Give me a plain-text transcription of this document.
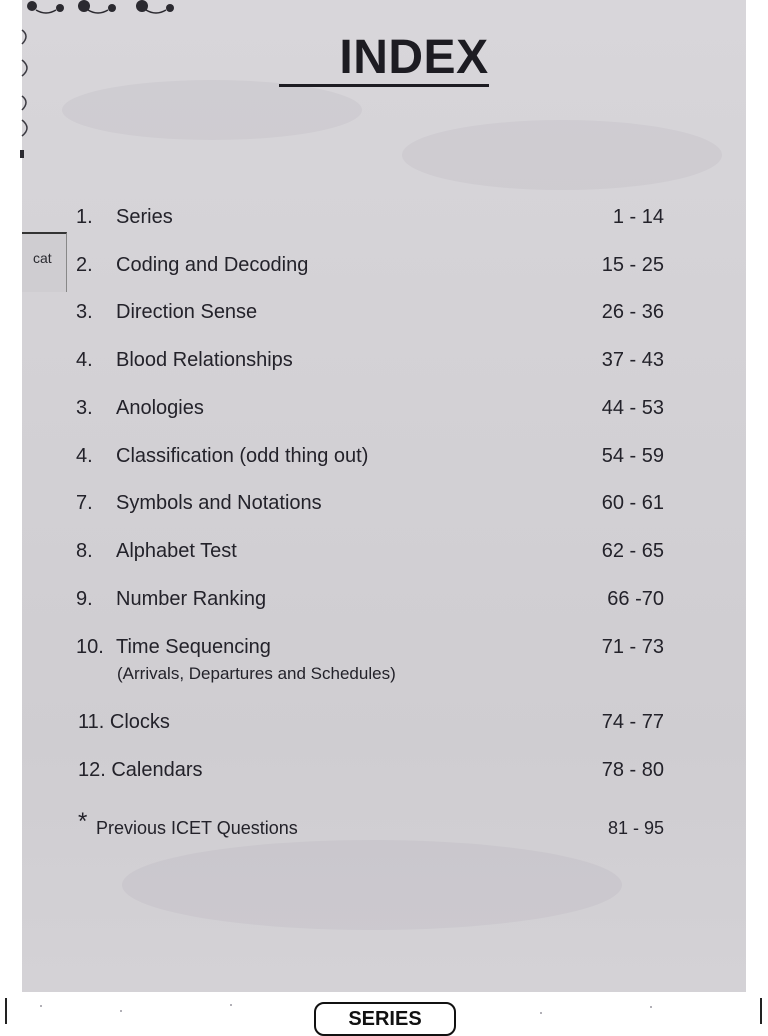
INDEX
cat
1. Series	1 - 14
2. Coding and Decoding	15 - 25
3. Direction Sense	26 - 36
4. Blood Relationships	37 - 43
3. Anologies	44 - 53
4. Classification (odd thing out)	54 - 59
7. Symbols and Notations	60 - 61
8. Alphabet Test	62 - 65
9. Number Ranking	66 -70
10. Time Sequencing
(Arrivals, Departures and Schedules)
71 - 73
11. Clocks	74 - 77
12. Calendars	78 - 80
* Previous ICET Questions	81 - 95
SERIES
